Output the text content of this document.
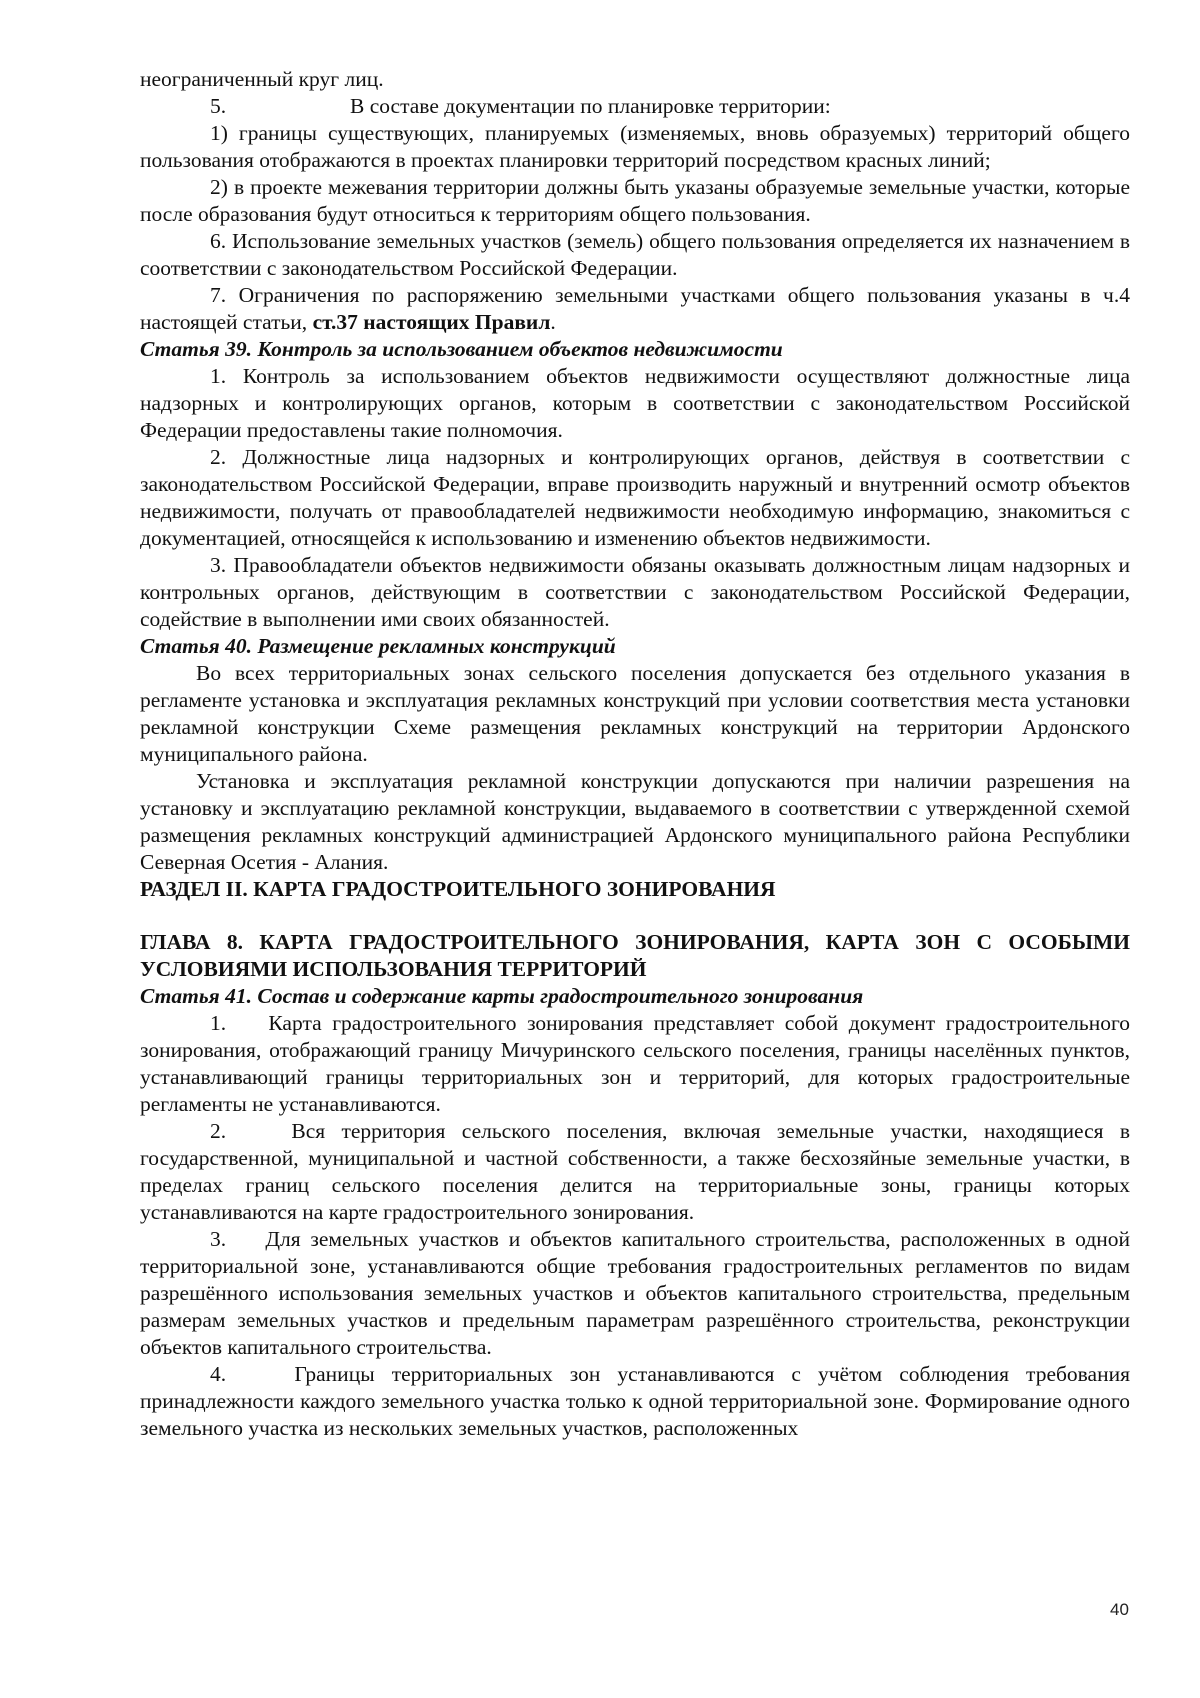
неограниченный круг лиц.

5.	В составе документации по планировке территории:

1) границы существующих, планируемых (изменяемых, вновь образуемых) территорий общего пользования отображаются в проектах планировки территорий посредством красных линий;

2) в проекте межевания территории должны быть указаны образуемые земельные участки, которые после образования будут относиться к территориям общего пользования.

6. Использование земельных участков (земель) общего пользования определяется их назначением в соответствии с законодательством Российской Федерации.

7. Ограничения по распоряжению земельными участками общего пользования указаны в ч.4 настоящей статьи, ст.37 настоящих Правил.

Статья 39. Контроль за использованием объектов недвижимости

1. Контроль за использованием объектов недвижимости осуществляют должностные лица надзорных и контролирующих органов, которым в соответствии с законодательством Российской Федерации предоставлены такие полномочия.

2. Должностные лица надзорных и контролирующих органов, действуя в соответствии с законодательством Российской Федерации, вправе производить наружный и внутренний осмотр объектов недвижимости, получать от правообладателей недвижимости необходимую информацию, знакомиться с документацией, относящейся к использованию и изменению объектов недвижимости.

3. Правообладатели объектов недвижимости обязаны оказывать должностным лицам надзорных и контрольных органов, действующим в соответствии с законодательством Российской Федерации, содействие в выполнении ими своих обязанностей.

Статья 40. Размещение рекламных конструкций

Во всех территориальных зонах сельского поселения допускается без отдельного указания в регламенте установка и эксплуатация рекламных конструкций при условии соответствия места установки рекламной конструкции Схеме размещения рекламных конструкций на территории Ардонского муниципального района.

Установка и эксплуатация рекламной конструкции допускаются при наличии разрешения на установку и эксплуатацию рекламной конструкции, выдаваемого в соответствии с утвержденной схемой размещения рекламных конструкций администрацией Ардонского муниципального района Республики Северная Осетия - Алания.

РАЗДЕЛ II. КАРТА ГРАДОСТРОИТЕЛЬНОГО ЗОНИРОВАНИЯ

ГЛАВА 8. КАРТА ГРАДОСТРОИТЕЛЬНОГО ЗОНИРОВАНИЯ, КАРТА ЗОН С ОСОБЫМИ УСЛОВИЯМИ ИСПОЛЬЗОВАНИЯ ТЕРРИТОРИЙ

Статья 41. Состав и содержание карты градостроительного зонирования

1. Карта градостроительного зонирования представляет собой документ градостроительного зонирования, отображающий границу Мичуринского сельского поселения, границы населённых пунктов, устанавливающий границы территориальных зон и территорий, для которых градостроительные регламенты не устанавливаются.

2.	Вся территория сельского поселения, включая земельные участки, находящиеся в государственной, муниципальной и частной собственности, а также бесхозяйные земельные участки, в пределах границ сельского поселения делится на территориальные зоны, границы которых устанавливаются на карте градостроительного зонирования.

3. Для земельных участков и объектов капитального строительства, расположенных в одной территориальной зоне, устанавливаются общие требования градостроительных регламентов по видам разрешённого использования земельных участков и объектов капитального строительства, предельным размерам земельных участков и предельным параметрам разрешённого строительства, реконструкции объектов капитального строительства.

4.	Границы территориальных зон устанавливаются с учётом соблюдения требования принадлежности каждого земельного участка только к одной территориальной зоне. Формирование одного земельного участка из нескольких земельных участков, расположенных

40
